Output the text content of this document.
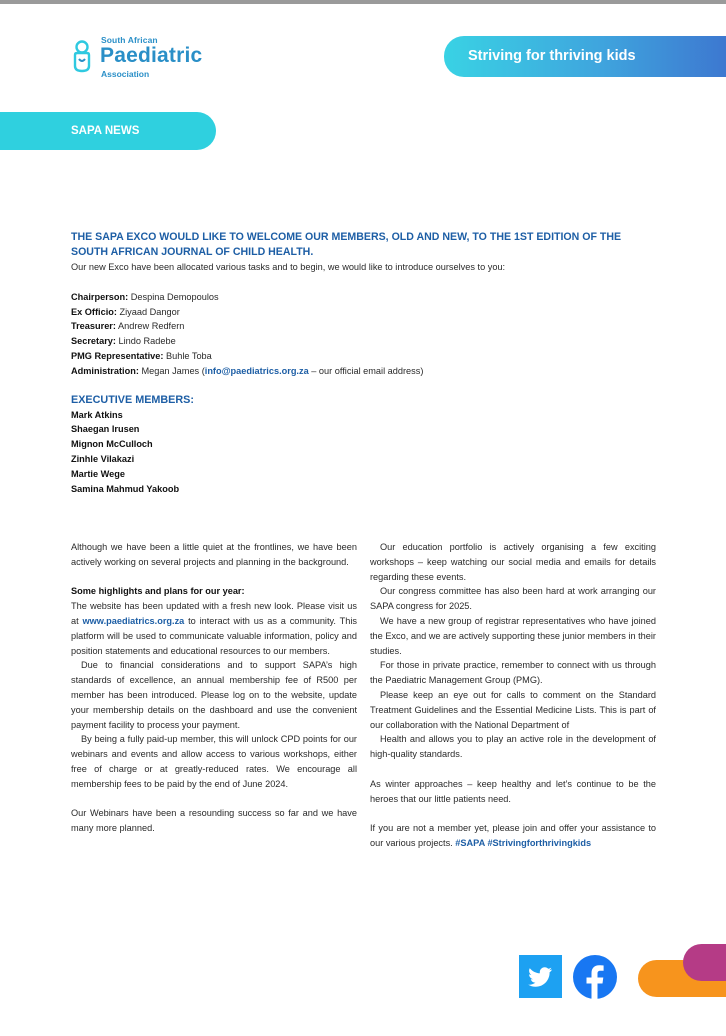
South African
Paediatric
Association
Striving for thriving kids
SAPA NEWS
THE SAPA EXCO WOULD LIKE TO WELCOME OUR MEMBERS, OLD AND NEW, TO THE 1ST EDITION OF THE SOUTH AFRICAN JOURNAL OF CHILD HEALTH.
Our new Exco have been allocated various tasks and to begin, we would like to introduce ourselves to you:
Chairperson: Despina Demopoulos
Ex Officio: Ziyaad Dangor
Treasurer: Andrew Redfern
Secretary: Lindo Radebe
PMG Representative: Buhle Toba
Administration: Megan James (info@paediatrics.org.za – our official email address)
EXECUTIVE MEMBERS:
Mark Atkins
Shaegan Irusen
Mignon McCulloch
Zinhle Vilakazi
Martie Wege
Samina Mahmud Yakoob

Although we have been a little quiet at the frontlines, we have been actively working on several projects and planning in the background.

Some highlights and plans for our year:

The website has been updated with a fresh new look. Please visit us at www.paediatrics.org.za to interact with us as a community. This platform will be used to communicate valuable information, policy and position statements and educational resources to our members.

Due to financial considerations and to support SAPA’s high standards of excellence, an annual membership fee of R500 per member has been introduced. Please log on to the website, update your membership details on the dashboard and use the convenient payment facility to process your payment.

By being a fully paid-up member, this will unlock CPD points for our webinars and events and allow access to various workshops, either free of charge or at greatly-reduced rates. We encourage all membership fees to be paid by the end of June 2024.

Our Webinars have been a resounding success so far and we have many more planned.

Our education portfolio is actively organising a few exciting workshops – keep watching our social media and emails for details regarding these events.

Our congress committee has also been hard at work arranging our SAPA congress for 2025.

We have a new group of registrar representatives who have joined the Exco, and we are actively supporting these junior members in their studies.

For those in private practice, remember to connect with us through the Paediatric Management Group (PMG).

Please keep an eye out for calls to comment on the Standard Treatment Guidelines and the Essential Medicine Lists. This is part of our collaboration with the National Department of

Health and allows you to play an active role in the development of high-quality standards.

As winter approaches – keep healthy and let’s continue to be the heroes that our little patients need.

If you are not a member yet, please join and offer your assistance to our various projects. #SAPA #Strivingforthrivingkids
